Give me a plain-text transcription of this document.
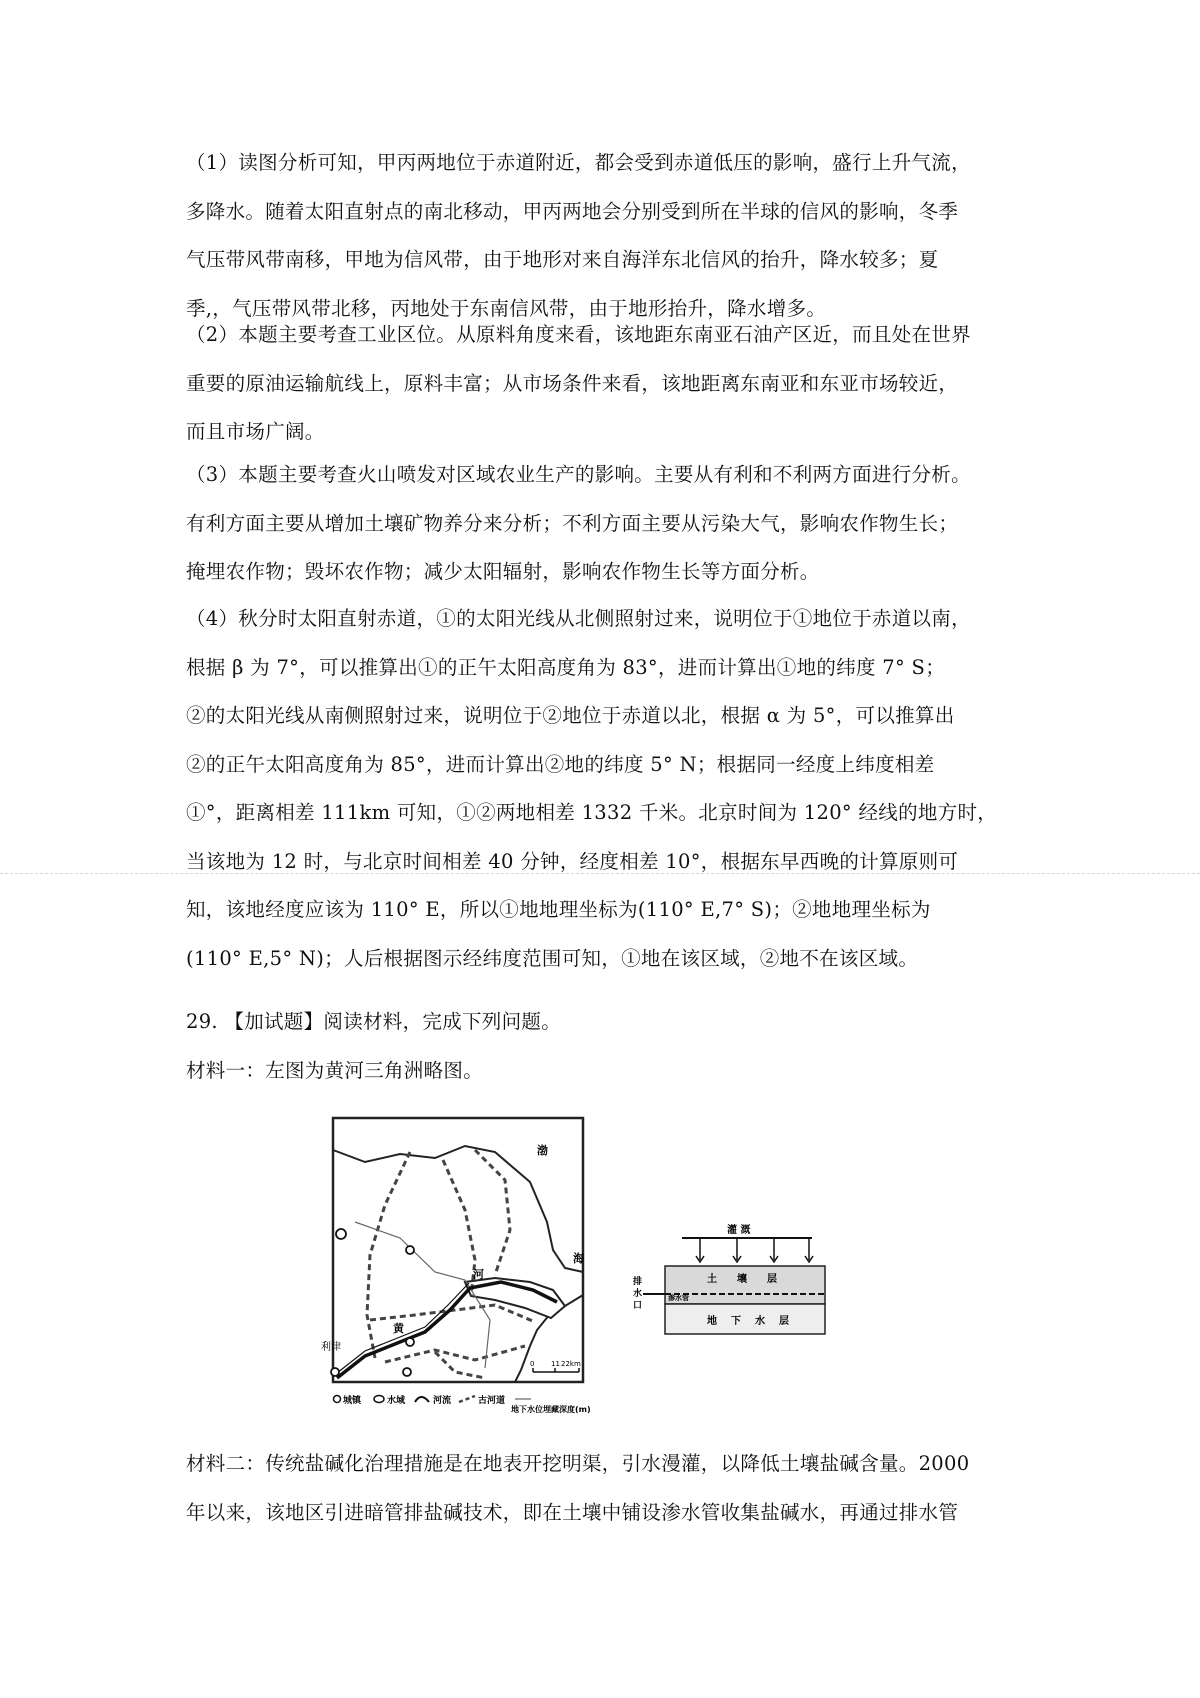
（1）读图分析可知，甲丙两地位于赤道附近，都会受到赤道低压的影响，盛行上升气流，
多降水。随着太阳直射点的南北移动，甲丙两地会分别受到所在半球的信风的影响，冬季
气压带风带南移，甲地为信风带，由于地形对来自海洋东北信风的抬升，降水较多；夏
季,，气压带风带北移，丙地处于东南信风带，由于地形抬升，降水增多。
（2）本题主要考查工业区位。从原料角度来看，该地距东南亚石油产区近，而且处在世界
重要的原油运输航线上，原料丰富；从市场条件来看，该地距离东南亚和东亚市场较近，
而且市场广阔。
（3）本题主要考查火山喷发对区域农业生产的影响。主要从有利和不利两方面进行分析。
有利方面主要从增加土壤矿物养分来分析；不利方面主要从污染大气，影响农作物生长；
掩埋农作物；毁坏农作物；减少太阳辐射，影响农作物生长等方面分析。
（4）秋分时太阳直射赤道，①的太阳光线从北侧照射过来，说明位于①地位于赤道以南，
根据 β 为 7°，可以推算出①的正午太阳高度角为 83°，进而计算出①地的纬度 7° S；
②的太阳光线从南侧照射过来，说明位于②地位于赤道以北，根据 α 为 5°，可以推算出
②的正午太阳高度角为 85°，进而计算出②地的纬度 5° N；根据同一经度上纬度相差
①°，距离相差 111km 可知，①②两地相差 1332 千米。北京时间为 120° 经线的地方时，
当该地为 12 时，与北京时间相差 40 分钟，经度相差 10°，根据东早西晚的计算原则可
知，该地经度应该为 110° E，所以①地地理坐标为(110° E,7° S)；②地地理坐标为
(110° E,5° N)；人后根据图示经纬度范围可知，①地在该区域，②地不在该区域。
29. 【加试题】阅读材料，完成下列问题。
材料一：左图为黄河三角洲略图。
渤
海
河
黄
利津
0 11 22km
城镇	水域	河流	古河道
地下水位埋藏深度(m)
灌 溉
排
水
口
土 壤 层
渗水管
地 下 水 层
材料二：传统盐碱化治理措施是在地表开挖明渠，引水漫灌，以降低土壤盐碱含量。2000
年以来，该地区引进暗管排盐碱技术，即在土壤中铺设渗水管收集盐碱水，再通过排水管
